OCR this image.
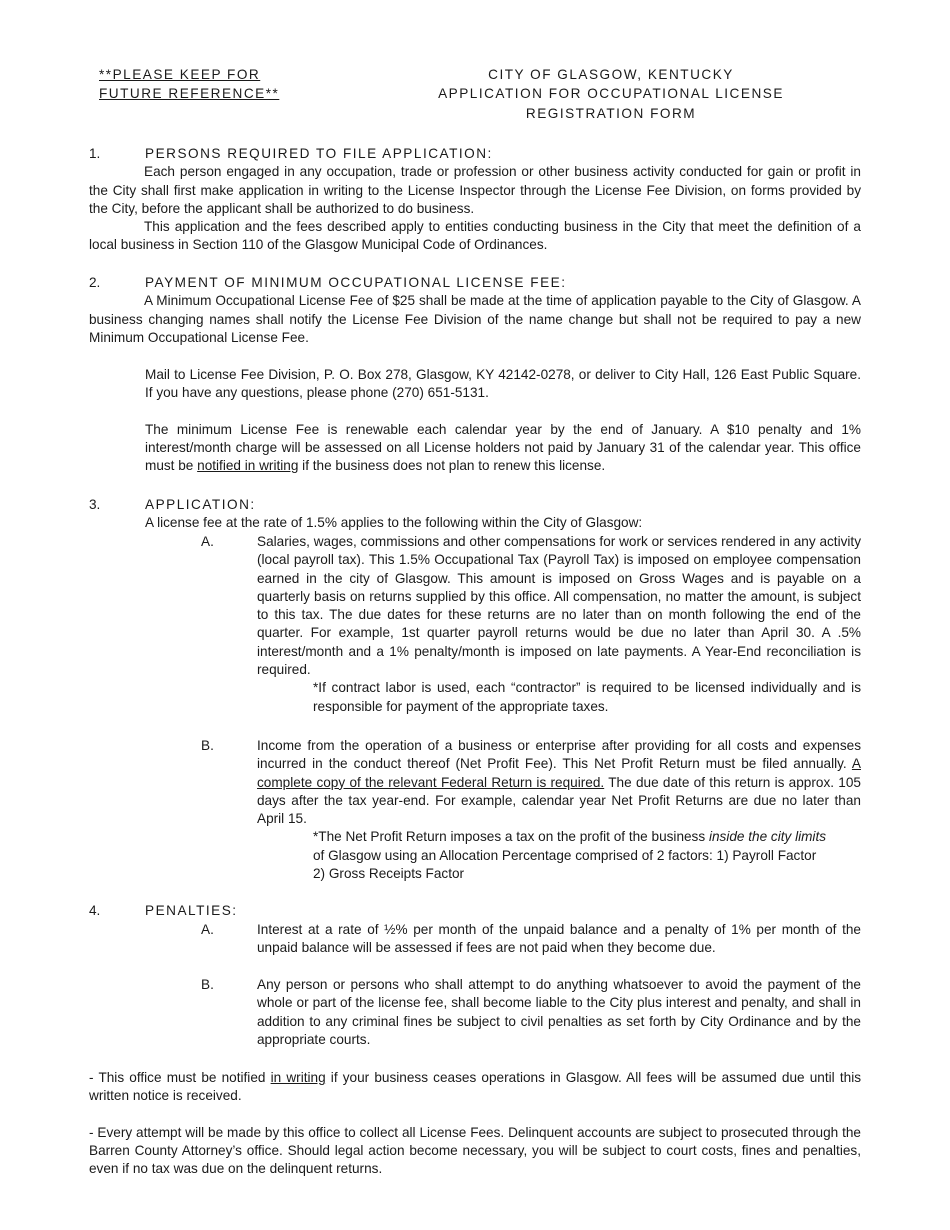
**PLEASE KEEP FOR
FUTURE REFERENCE**
CITY OF GLASGOW, KENTUCKY
APPLICATION FOR OCCUPATIONAL LICENSE
REGISTRATION FORM
1.	PERSONS REQUIRED TO FILE APPLICATION:

Each person engaged in any occupation, trade or profession or other business activity conducted for gain or profit in the City shall first make application in writing to the License Inspector through the License Fee Division, on forms provided by the City, before the applicant shall be authorized to do business.

This application and the fees described apply to entities conducting business in the City that meet the definition of a local business in Section 110 of the Glasgow Municipal Code of Ordinances.

2.	PAYMENT OF MINIMUM OCCUPATIONAL LICENSE FEE:

A Minimum Occupational License Fee of $25 shall be made at the time of application payable to the City of Glasgow. A business changing names shall notify the License Fee Division of the name change but shall not be required to pay a new Minimum Occupational License Fee.

Mail to License Fee Division, P. O. Box 278, Glasgow, KY 42142-0278, or deliver to City Hall, 126 East Public Square. If you have any questions, please phone (270) 651-5131.

The minimum License Fee is renewable each calendar year by the end of January. A $10 penalty and 1% interest/month charge will be assessed on all License holders not paid by January 31 of the calendar year. This office must be notified in writing if the business does not plan to renew this license.

3.	APPLICATION:

A license fee at the rate of 1.5% applies to the following within the City of Glasgow:

A.	Salaries, wages, commissions and other compensations for work or services rendered in any activity (local payroll tax). This 1.5% Occupational Tax (Payroll Tax) is imposed on employee compensation earned in the city of Glasgow. This amount is imposed on Gross Wages and is payable on a quarterly basis on returns supplied by this office. All compensation, no matter the amount, is subject to this tax. The due dates for these returns are no later than on month following the end of the quarter. For example, 1st quarter payroll returns would be due no later than April 30. A .5% interest/month and a 1% penalty/month is imposed on late payments. A Year-End reconciliation is required.

*If contract labor is used, each “contractor” is required to be licensed individually and is responsible for payment of the appropriate taxes.

B.	Income from the operation of a business or enterprise after providing for all costs and expenses incurred in the conduct thereof (Net Profit Fee). This Net Profit Return must be filed annually. A complete copy of the relevant Federal Return is required. The due date of this return is approx. 105 days after the tax year-end. For example, calendar year Net Profit Returns are due no later than April 15.

*The Net Profit Return imposes a tax on the profit of the business inside the city limits
of Glasgow using an Allocation Percentage comprised of 2 factors: 1) Payroll Factor
2) Gross Receipts Factor
4.	PENALTIES:
A.	Interest at a rate of ½% per month of the unpaid balance and a penalty of 1% per month of the unpaid balance will be assessed if fees are not paid when they become due.

B.	Any person or persons who shall attempt to do anything whatsoever to avoid the payment of the whole or part of the license fee, shall become liable to the City plus interest and penalty, and shall in addition to any criminal fines be subject to civil penalties as set forth by City Ordinance and by the appropriate courts.

- This office must be notified in writing if your business ceases operations in Glasgow. All fees will be assumed due until this written notice is received.

- Every attempt will be made by this office to collect all License Fees. Delinquent accounts are subject to prosecuted through the Barren County Attorney’s office. Should legal action become necessary, you will be subject to court costs, fines and penalties, even if no tax was due on the delinquent returns.
